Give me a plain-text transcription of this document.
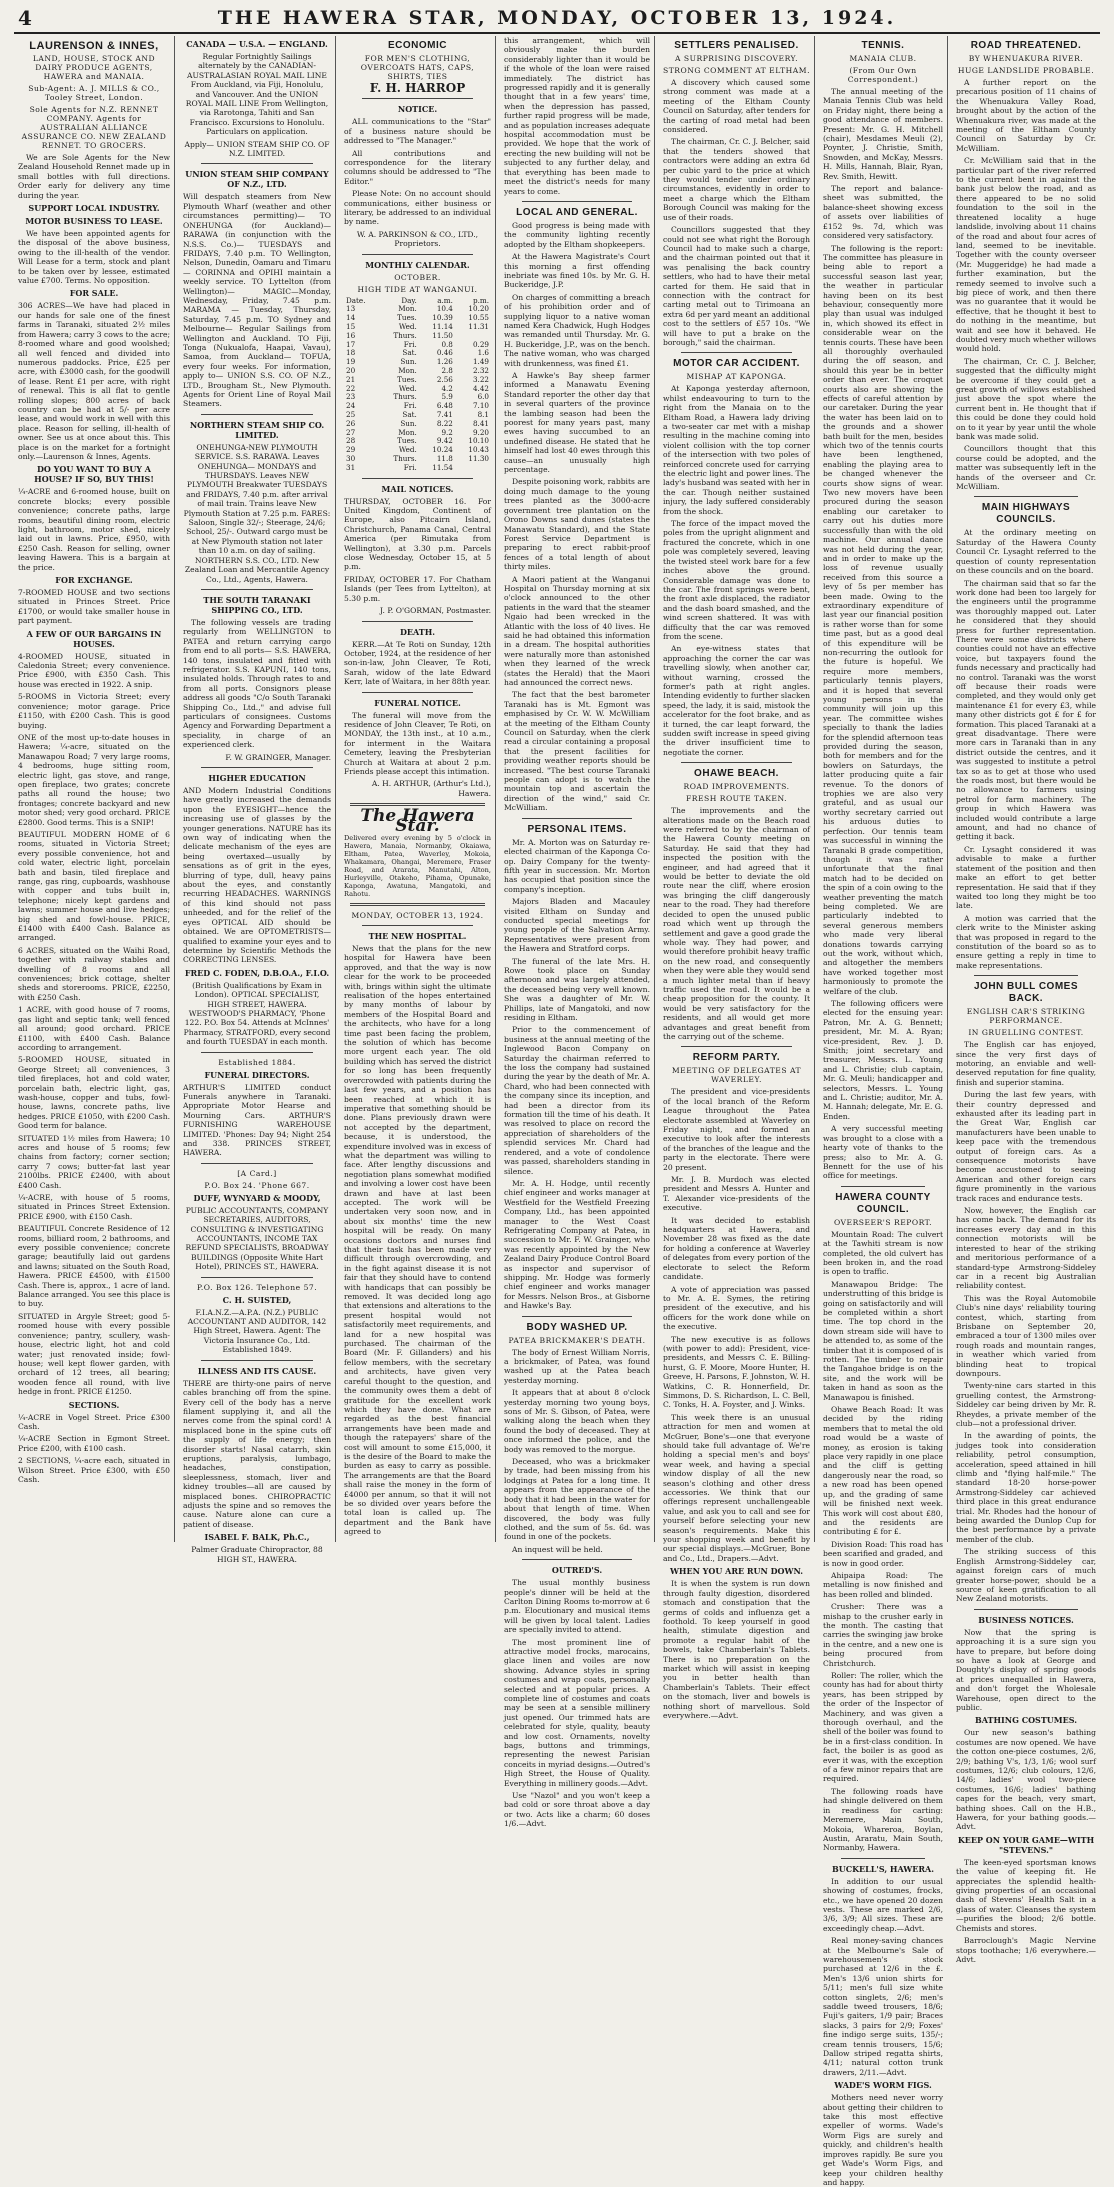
4	THE HAWERA STAR, MONDAY, OCTOBER 13, 1924.
LAURENSON & INNES,
LAND, HOUSE, STOCK AND DAIRY PRODUCE AGENTS, HAWERA and MANAIA.
Sub-Agent: A. J. MILLS & CO., Tooley Street, London.
Sole Agents for N.Z. RENNET COMPANY. Agents for AUSTRALIAN ALLIANCE ASSURANCE CO. NEW ZEALAND RENNET. TO GROCERS.

We are Sole Agents for the New Zealand Household Rennet made up in small bottles with full directions. Order early for delivery any time during the year.

SUPPORT LOCAL INDUSTRY.
MOTOR BUSINESS TO LEASE.

We have been appointed agents for the disposal of the above business, owing to the ill-health of the vendor. Will Lease for a term, stock and plant to be taken over by lessee, estimated value £700. Terms. No opposition.

FOR SALE.

306 ACRES—We have had placed in our hands for sale one of the finest farms in Taranaki, situated 2½ miles from Hawera; carry 3 cows to the acre; 8-roomed whare and good woolshed; all well fenced and divided into numerous paddocks. Price, £25 per acre, with £3000 cash, for the goodwill of lease. Rent £1 per acre, with right of renewal. This is all flat to gentle rolling slopes; 800 acres of back country can be had at 5/- per acre lease, and would work in well with this place. Reason for selling, ill-health of owner. See us at once about this. This place is on the market for a fortnight only.—Laurenson & Innes, Agents.

DO YOU WANT TO BUY A HOUSE? IF SO, BUY THIS!

¼-ACRE and 6-roomed house, built on concrete blocks; every possible convenience; concrete paths, large rooms, beautiful dining room, electric light, bathroom, motor shed, nicely laid out in lawns. Price, £950, with £250 Cash. Reason for selling, owner leaving Hawera. This is a bargain at the price.

FOR EXCHANGE.

7-ROOMED HOUSE and two sections situated in Princes Street. Price £1700, or would take smaller house in part payment.

A FEW OF OUR BARGAINS IN HOUSES.

4-ROOMED HOUSE, situated in Caledonia Street; every convenience. Price £900, with £350 Cash. This house was erected in 1922. A snip.

5-ROOMS in Victoria Street; every convenience; motor garage. Price £1150, with £200 Cash. This is good buying.

ONE of the most up-to-date houses in Hawera; ¼-acre, situated on the Manawapou Road; 7 very large rooms, 4 bedrooms, huge sitting room, electric light, gas stove, and range, open fireplace, two grates; concrete paths all round the house; two frontages; concrete backyard and new motor shed; very good orchard. PRICE £2800. Good terms. This is a SNIP!

BEAUTIFUL MODERN HOME of 6 rooms, situated in Victoria Street; every possible convenience, hot and cold water, electric light, porcelain bath and basin, tiled fireplace and range, gas ring, cupboards, washhouse with copper and tubs built in, telephone; nicely kept gardens and lawns; summer house and live hedges; big shed and fowl-house. PRICE, £1400 with £400 Cash. Balance as arranged.

6 ACRES, situated on the Waihi Road, together with railway stables and dwelling of 8 rooms and all conveniences; brick cottage, shelter sheds and storerooms. PRICE, £2250, with £250 Cash.

1 ACRE, with good house of 7 rooms, gas light and septic tank; well fenced all around; good orchard. PRICE £1100, with £400 Cash. Balance according to arrangement.

5-ROOMED HOUSE, situated in George Street; all conveniences, 3 tiled fireplaces, hot and cold water, porcelain bath, electric light, gas, wash-house, copper and tubs, fowl-house, lawns, concrete paths, live hedges. PRICE £1050, with £200 Cash. Good term for balance.

SITUATED 1½ miles from Hawera; 10 acres and house of 5 rooms; few chains from factory; corner section; carry 7 cows; butter-fat last year 2100lbs. PRICE £2400, with about £400 Cash.

¼-ACRE, with house of 5 rooms, situated in Princes Street Extension. PRICE £900, with £150 Cash.

BEAUTIFUL Concrete Residence of 12 rooms, billiard room, 2 bathrooms, and every possible convenience; concrete garage; beautifully laid out gardens and lawns; situated on the South Road, Hawera. PRICE £4500, with £1500 Cash. There is, approx., 1 acre of land. Balance arranged. You see this place is to buy.

SITUATED in Argyle Street; good 5-roomed house with every possible convenience; pantry, scullery, wash-house, electric light, hot and cold water; just renovated inside; fowl-house; well kept flower garden, with orchard of 12 trees, all bearing; wooden fence all round, with live hedge in front. PRICE £1250.

SECTIONS.

¼-ACRE in Vogel Street. Price £300 Cash.

¼-ACRE Section in Egmont Street. Price £200, with £100 cash.

2 SECTIONS, ¼-acre each, situated in Wilson Street. Price £300, with £50 Cash.

CANADA — U.S.A. — ENGLAND.

Regular Fortnightly Sailings alternately by the CANADIAN-AUSTRALASIAN ROYAL MAIL LINE From Auckland, via Fiji, Honolulu, and Vancouver. And the UNION ROYAL MAIL LINE From Wellington, via Rarotonga, Tahiti and San Francisco. Excursions to Honolulu. Particulars on application.

Apply— UNION STEAM SHIP CO. OF N.Z. LIMITED.

UNION STEAM SHIP COMPANY OF N.Z., LTD.

Will despatch steamers from New Plymouth Wharf (weather and other circumstances permitting)— TO ONEHUNGA (for Auckland)— RARAWA (in conjunction with the N.S.S. Co.)— TUESDAYS and FRIDAYS, 7.40 p.m. TO Wellington, Nelson, Dunedin, Oamaru and Timaru— CORINNA and OPIHI maintain a weekly service. TO Lyttelton (from Wellington)— MAGIC—Monday, Wednesday, Friday, 7.45 p.m. MARAMA — Tuesday, Thursday, Saturday, 7.45 p.m. TO Sydney and Melbourne— Regular Sailings from Wellington and Auckland. TO Fiji, Tonga (Nukualofa, Haapai, Vavau), Samoa, from Auckland— TOFUA, every four weeks. For information, apply to— UNION S.S. CO. OF N.Z., LTD., Brougham St., New Plymouth. Agents for Orient Line of Royal Mail Steamers.

NORTHERN STEAM SHIP CO. LIMITED.

ONEHUNGA-NEW PLYMOUTH SERVICE. S.S. RARAWA. Leaves ONEHUNGA— MONDAYS and THURSDAYS. Leaves NEW PLYMOUTH Breakwater TUESDAYS and FRIDAYS, 7.40 p.m. after arrival of mail train. Trains leave New Plymouth Station at 7.25 p.m. FARES: Saloon, Single 32/-; Steerage, 24/6; School, 25/-. Outward cargo must be at New Plymouth station not later than 10 a.m. on day of sailing. NORTHERN S.S. CO., LTD. New Zealand Loan and Mercantile Agency Co., Ltd., Agents, Hawera.

THE SOUTH TARANAKI SHIPPING CO., LTD.

The following vessels are trading regularly from WELLINGTON to PATEA and return carrying cargo from end to all ports— S.S. HAWERA, 140 tons, insulated and fitted with refrigerator. S.S. KAPUNI, 140 tons, insulated holds. Through rates to and from all ports. Consignors please address all goods "C/o South Taranaki Shipping Co., Ltd.," and advise full particulars of consignees. Customs Agency and Forwarding Department a speciality, in charge of an experienced clerk.

F. W. GRAINGER, Manager.

HIGHER EDUCATION

AND Modern Industrial Conditions have greatly increased the demands upon the EYESIGHT—hence the increasing use of glasses by the younger generations. NATURE has its own way of indicating when the delicate mechanism of the eyes are being overtaxed—usually by sensations as of grit in the eyes, blurring of type, dull, heavy pains about the eyes, and constantly recurring HEADACHES. WARNINGS of this kind should not pass unheeded, and for the relief of the eyes OPTICAL AID should be obtained. We are OPTOMETRISTS—qualified to examine your eyes and to determine by Scientific Methods the CORRECTING LENSES.

FRED C. FODEN, D.B.O.A., F.I.O.

(British Qualifications by Exam in London). OPTICAL SPECIALIST, HIGH STREET, HAWERA. WESTWOOD'S PHARMACY, 'Phone 122. P.O. Box 54. Attends at McInnes' Pharmacy, STRATFORD, every second and fourth TUESDAY in each month.

Established 1884.
FUNERAL DIRECTORS.

ARTHUR'S LIMITED conduct Funerals anywhere in Taranaki. Appropriate Motor Hearse and Mourning Cars. ARTHUR'S FURNISHING WAREHOUSE LIMITED. 'Phones: Day 94; Night 254 and 338. PRINCES STREET, HAWERA.

[A Card.]
P.O. Box 24. 'Phone 667.
DUFF, WYNYARD & MOODY,

PUBLIC ACCOUNTANTS, COMPANY SECRETARIES, AUDITORS, CONSULTING & INVESTIGATING ACCOUNTANTS, INCOME TAX REFUND SPECIALISTS, BROADWAY BUILDINGS (Opposite White Hart Hotel), PRINCES ST., HAWERA.

P.O. Box 126. Telephone 57.
C. H. SUISTED,

F.I.A.N.Z.—A.P.A. (N.Z.) PUBLIC ACCOUNTANT AND AUDITOR, 142 High Street, Hawera. Agent: The Victoria Insurance Co., Ltd. Established 1849.

ILLNESS AND ITS CAUSE.

THERE are thirty-one pairs of nerve cables branching off from the spine. Every cell of the body has a nerve filament supplying it, and all the nerves come from the spinal cord! A misplaced bone in the spine cuts off the supply of life energy; then disorder starts! Nasal catarrh, skin eruptions, paralysis, lumbago, headaches, constipation, sleeplessness, stomach, liver and kidney troubles—all are caused by misplaced bones. CHIROPRACTIC adjusts the spine and so removes the cause. Nature alone can cure a patient of disease.

ISABEL F. BALK, Ph.C.,

Palmer Graduate Chiropractor, 88 HIGH ST., HAWERA.

ECONOMIC
FOR MEN'S CLOTHING, OVERCOATS HATS, CAPS, SHIRTS, TIES
F. H. HARROP
NOTICE.

ALL communications to the "Star" of a business nature should be addressed to "The Manager."

All contributions and correspondence for the literary columns should be addressed to "The Editor."

Please Note: On no account should communications, either business or literary, be addressed to an individual by name.

W. A. PARKINSON & CO., LTD., Proprietors.

MONTHLY CALENDAR.
OCTOBER.
HIGH TIDE AT WANGANUI.
Date.	Day.	a.m.	p.m.
13	Mon.	10.4	10.20
14	Tues.	10.39	10.55
15	Wed.	11.14	11.31
16	Thurs.	11.50	
17	Fri.	0.8	0.29
18	Sat.	0.46	1.6
19	Sun.	1.26	1.49
20	Mon.	2.8	2.32
21	Tues.	2.56	3.22
22	Wed.	4.2	4.42
23	Thurs.	5.9	6.0
24	Fri.	6.48	7.10
25	Sat.	7.41	8.1
26	Sun.	8.22	8.41
27	Mon.	9.2	9.20
28	Tues.	9.42	10.10
29	Wed.	10.24	10.43
30	Thurs.	11.8	11.30
31	Fri.	11.54	
MAIL NOTICES.

THURSDAY, OCTOBER 16. For United Kingdom, Continent of Europe, also Pitcairn Island, Christchurch, Panama Canal, Central America (per Rimutaka from Wellington), at 3.30 p.m. Parcels close Wednesday, October 15, at 5 p.m.

FRIDAY, OCTOBER 17. For Chatham Islands (per Tees from Lyttelton), at 5.30 p.m.

J. P. O'GORMAN, Postmaster.

DEATH.

KERR.—At Te Roti on Sunday, 12th October, 1924, at the residence of her son-in-law, John Cleaver, Te Roti, Sarah, widow of the late Edward Kerr, late of Waitara, in her 88th year.

FUNERAL NOTICE.

The funeral will move from the residence of John Cleaver, Te Roti, on MONDAY, the 13th inst., at 10 a.m., for interment in the Waitara Cemetery, leaving the Presbyterian Church at Waitara at about 2 p.m. Friends please accept this intimation.

A. H. ARTHUR, (Arthur's Ltd.), Hawera.

The Hawera Star.

Delivered every evening by 5 o'clock in Hawera, Manaia, Normanby, Okaiawa, Eltham, Patea, Waverley, Mokoia, Whakamara, Ohangai, Meremere, Fraser Road, and Ararata, Manutahi, Alton, Hurleyville, Otakeho, Pihama, Opunake, Kaponga, Awatuna, Mangatoki, and Rahotu.

MONDAY, OCTOBER 13, 1924.
THE NEW HOSPITAL.

News that the plans for the new hospital for Hawera have been approved, and that the way is now clear for the work to be proceeded with, brings within sight the ultimate realisation of the hopes entertained by many months of labour by members of the Hospital Board and the architects, who have for a long time past been facing the problem, the solution of which has become more urgent each year. The old building which has served the district for so long has been frequently overcrowded with patients during the last few years, and a position has been reached at which it is imperative that something should be done. Plans previously drawn were not accepted by the department, because, it is understood, the expenditure involved was in excess of what the department was willing to face. After lengthy discussions and negotiation plans somewhat modified and involving a lower cost have been drawn and have at last been accepted. The work will be undertaken very soon now, and in about six months' time the new hospital will be ready. On many occasions doctors and nurses find that their task has been made very difficult through overcrowding, and in the fight against disease it is not fair that they should have to contend with handicaps that can possibly be removed. It was decided long ago that extensions and alterations to the present hospital would not satisfactorily meet requirements, and land for a new hospital was purchased. The chairman of the Board (Mr. F. Gillanders) and his fellow members, with the secretary and architects, have given very careful thought to the question, and the community owes them a debt of gratitude for the excellent work which they have done. What are regarded as the best financial arrangements have been made and though the ratepayers' share of the cost will amount to some £15,000, it is the desire of the Board to make the burden as easy to carry as possible. The arrangements are that the Board shall raise the money in the form of £4000 per annum, so that it will not be so divided over years before the total loan is called up. The department and the Bank have agreed to

this arrangement, which will obviously make the burden considerably lighter than it would be if the whole of the loan were raised immediately. The district has progressed rapidly and it is generally thought that in a few years' time, when the depression has passed, further rapid progress will be made, and as population increases adequate hospital accommodation must be provided. We hope that the work of erecting the new building will not be subjected to any further delay, and that everything has been made to meet the district's needs for many years to come.

LOCAL AND GENERAL.

Good progress is being made with the community lighting recently adopted by the Eltham shopkeepers.

At the Hawera Magistrate's Court this morning a first offending inebriate was fined 10s. by Mr. G. H. Buckeridge, J.P.

On charges of committing a breach of his prohibition order and of supplying liquor to a native woman named Kera Chadwick, Hugh Hodges was remanded until Thursday. Mr. G. H. Buckeridge, J.P., was on the bench. The native woman, who was charged with drunkenness, was fined £1.

A Hawke's Bay sheep farmer informed a Manawatu Evening Standard reporter the other day that in several quarters of the province the lambing season had been the poorest for many years past, many ewes having succumbed to an undefined disease. He stated that he himself had lost 40 ewes through this cause—an unusually high percentage.

Despite poisoning work, rabbits are doing much damage to the young trees planted as the 3000-acre government tree plantation on the Orono Downs sand dunes (states the Manawatu Standard), and the State Forest Service Department is preparing to erect rabbit-proof fences of a total length of about thirty miles.

A Maori patient at the Wanganui Hospital on Thursday morning at six o'clock announced to the other patients in the ward that the steamer Ngaio had been wrecked in the Atlantic with the loss of 40 lives. He said he had obtained this information in a dream. The hospital authorities were naturally more than astonished when they learned of the wreck (states the Herald) that the Maori had announced the correct news.

The fact that the best barometer Taranaki has is Mt. Egmont was emphasised by Cr. W. W. McWilliam at the meeting of the Eltham County Council on Saturday, when the clerk read a circular containing a proposal that the present facilities for providing weather reports should be increased. "The best course Taranaki people can adopt is to watch the mountain top and ascertain the direction of the wind," said Cr. McWilliam.

PERSONAL ITEMS.

Mr. A. Morton was on Saturday re-elected chairman of the Kaponga Co-op. Dairy Company for the twenty-fifth year in succession. Mr. Morton has occupied that position since the company's inception.

Majors Bladen and Macauley visited Eltham on Sunday and conducted special meetings for young people of the Salvation Army. Representatives were present from the Hawera and Stratford corps.

The funeral of the late Mrs. H. Rowe took place on Sunday afternoon and was largely attended, the deceased being very well known. She was a daughter of Mr. W. Phillips, late of Mangatoki, and now residing in Eltham.

Prior to the commencement of business at the annual meeting of the Inglewood Bacon Company on Saturday the chairman referred to the loss the company had sustained during the year by the death of Mr. A. Chard, who had been connected with the company since its inception, and had been a director from its formation till the time of his death. It was resolved to place on record the appreciation of shareholders of the splendid services Mr. Chard had rendered, and a vote of condolence was passed, shareholders standing in silence.

Mr. A. H. Hodge, until recently chief engineer and works manager at Westfield for the Westfield Freezing Company, Ltd., has been appointed manager to the West Coast Refrigerating Company at Patea, in succession to Mr. F. W. Grainger, who was recently appointed by the New Zealand Dairy Produce Control Board as inspector and supervisor of shipping. Mr. Hodge was formerly chief engineer and works manager for Messrs. Nelson Bros., at Gisborne and Hawke's Bay.

BODY WASHED UP.
PATEA BRICKMAKER'S DEATH.

The body of Ernest William Norris, a brickmaker, of Patea, was found washed up at the Patea beach yesterday morning.

It appears that at about 8 o'clock yesterday morning two young boys, sons of Mr. S. Gibson, of Patea, were walking along the beach when they found the body of deceased. They at once informed the police, and the body was removed to the morgue.

Deceased, who was a brickmaker by trade, had been missing from his lodgings at Patea for a long time. It appears from the appearance of the body that it had been in the water for about that length of time. When discovered, the body was fully clothed, and the sum of 5s. 6d. was found in one of the pockets.

An inquest will be held.

OUTRED'S.

The usual monthly business people's dinner will be held at the Carlton Dining Rooms to-morrow at 6 p.m. Elocutionary and musical items will be given by local talent. Ladies are specially invited to attend.

The most prominent line of attractive model frocks, marocains, glace linen and voiles are now showing. Advance styles in spring costumes and wrap coats, personally selected and at popular prices. A complete line of costumes and coats may be seen at a sensible millinery just opened. Our trimmed hats are celebrated for style, quality, beauty and low cost. Ornaments, novelty bags, buttons and trimmings, representing the newest Parisian conceits in myriad designs.—Outred's High Street, the House of Quality. Everything in millinery goods.—Advt.

Use "Nazol" and you won't keep a bad cold or sore throat above a day or two. Acts like a charm; 60 doses 1/6.—Advt.

SETTLERS PENALISED.
A SURPRISING DISCOVERY.
STRONG COMMENT AT ELTHAM.

A discovery which caused some strong comment was made at a meeting of the Eltham County Council on Saturday, after tenders for the carting of road metal had been considered.

The chairman, Cr. C. J. Belcher, said that the tenders showed that contractors were adding an extra 6d per cubic yard to the price at which they would tender under ordinary circumstances, evidently in order to meet a charge which the Eltham Borough Council was making for the use of their roads.

Councillors suggested that they could not see what right the Borough Council had to make such a charge, and the chairman pointed out that it was penalising the back country settlers, who had to have their metal carted for them. He said that in connection with the contract for carting metal out to Tirimoana an extra 6d per yard meant an additional cost to the settlers of £57 10s. "We will have to put a brake on the borough," said the chairman.

MOTOR CAR ACCIDENT.
MISHAP AT KAPONGA.

At Kaponga yesterday afternoon, whilst endeavouring to turn to the right from the Manaia on to the Eltham Road, a Hawera lady driving a two-seater car met with a mishap resulting in the machine coming into violent collision with the top corner of the intersection with two poles of reinforced concrete used for carrying the electric light and power lines. The lady's husband was seated with her in the car. Though neither sustained injury, the lady suffered considerably from the shock.

The force of the impact moved the poles from the upright alignment and fractured the concrete, which in one pole was completely severed, leaving the twisted steel work bare for a few inches above the ground. Considerable damage was done to the car. The front springs were bent, the front axle displaced, the radiator and the dash board smashed, and the wind screen shattered. It was with difficulty that the car was removed from the scene.

An eye-witness states that approaching the corner the car was travelling slowly, when another car, without warning, crossed the former's path at right angles. Intending evidently to further slacken speed, the lady, it is said, mistook the accelerator for the foot brake, and as it turned, the car leapt forward, the sudden swift increase in speed giving the driver insufficient time to negotiate the corner.

OHAWE BEACH.
ROAD IMPROVEMENTS.
FRESH ROUTE TAKEN.

The improvements and the alterations made on the Beach road were referred to by the chairman of the Hawera County meeting on Saturday. He said that they had inspected the position with the engineer, and had agreed that it would be better to deviate the old route near the cliff, where erosion was bringing the cliff dangerously near to the road. They had therefore decided to open the unused public road which went up through the settlement and gave a good grade the whole way. They had power, and would therefore prohibit heavy traffic on the new road, and consequently when they were able they would send a much lighter metal than if heavy traffic used the road. It would be a cheap proposition for the county. It would be very satisfactory for the residents, and all would get more advantages and great benefit from the carrying out of the scheme.

REFORM PARTY.
MEETING OF DELEGATES AT WAVERLEY.

The president and vice-presidents of the local branch of the Reform League throughout the Patea electorate assembled at Waverley on Friday night, and formed an executive to look after the interests of the branches of the league and the party in the electorate. There were 20 present.

Mr. J. B. Murdoch was elected president and Messrs A. Hunter and T. Alexander vice-presidents of the executive.

It was decided to establish headquarters at Hawera, and November 28 was fixed as the date for holding a conference at Waverley of delegates from every portion of the electorate to select the Reform candidate.

A vote of appreciation was passed to Mr. A. E. Symes, the retiring president of the executive, and his officers for the work done while on the executive.

The new executive is as follows (with power to add): President, vice-presidents, and Messrs C. E. Billing-hurst, G. F. Moore, Moore Hunter, H. Greeve, H. Parsons, F. Johnston, W. H. Watkins, C. R. Honnerfield, Dr. Simmons, D. S. Richardson, L. C. Bell, C. Tonks, H. A. Foyster, and J. Winks.

This week there is an unusual attraction for men and women at McGruer, Bone's—one that everyone should take full advantage of. We're holding a special men's and boys' wear week, and having a special window display of all the new season's clothing and other dress accessories. We think that our offerings represent unchallengeable value, and ask you to call and see for yourself before selecting your new season's requirements. Make this your shopping week and benefit by our special displays.—McGruer, Bone and Co., Ltd., Drapers.—Advt.

WHEN YOU ARE RUN DOWN.

It is when the system is run down through faulty digestion, disordered stomach and constipation that the germs of colds and influenza get a foothold. To keep yourself in good health, stimulate digestion and promote a regular habit of the bowels, take Chamberlain's Tablets. There is no preparation on the market which will assist in keeping you in better health than Chamberlain's Tablets. Their effect on the stomach, liver and bowels is nothing short of marvellous. Sold everywhere.—Advt.

TENNIS.
MANAIA CLUB.
(From Our Own Correspondent.)

The annual meeting of the Manaia Tennis Club was held on Friday night, there being a good attendance of members. Present: Mr. G. H. Mitchell (chair), Mesdames Meuli (2), Poynter, J. Christie, Smith, Snowden, and McKay, Messrs. H. Mills, Hannah, Blair, Ryan, Rev. Smith, Hewitt.

The report and balance-sheet was submitted, the balance-sheet showing excess of assets over liabilities of £152 9s. 7d, which was considered very satisfactory.

The following is the report: The committee has pleasure in being able to report a successful season last year, the weather in particular having been on its best behaviour, consequently more play than usual was indulged in, which showed its effect in considerable wear on the tennis courts. These have been all thoroughly overhauled during the off season, and should this year be in better order than ever. The croquet courts also are showing the effects of careful attention by our caretaker. During the year the water has been laid on to the grounds and a shower bath built for the men, besides which two of the tennis courts have been lengthened, enabling the playing area to be changed whenever the courts show signs of wear. Two new movers have been procured during the season enabling our caretaker to carry out his duties more successfully than with the old machine. Our annual dance was not held during the year, and in order to make up the loss of revenue usually received from this source a levy of 5s per member has been made. Owing to the extraordinary expenditure of last year our financial position is rather worse than for some time past, but as a good deal of this expenditure will be non-recurring the outlook for the future is hopeful. We require more members, particularly tennis players, and it is hoped that several young persons in the community will join up this year. The committee wishes specially to thank the ladies for the splendid afternoon teas provided during the season, both for members and for the bowlers on Saturdays, the latter producing quite a fair revenue. To the donors of trophies we are also very grateful, and as usual our worthy secretary carried out his arduous duties to perfection. Our tennis team was successful in winning the Taranaki B grade competition, though it was rather unfortunate that the final match had to be decided on the spin of a coin owing to the weather preventing the match being completed. We are particularly indebted to several generous members who made very liberal donations towards carrying out the work, without which, and altogether the members have worked together most harmoniously to promote the welfare of the club.

The following officers were elected for the ensuing year: Patron, Mr. A. G. Bennett; president, Mr. M. A. Ryan; vice-president, Rev. J. D. Smith; joint secretary and treasurer, Messrs. L. Young and L. Christie; club captain, Mr. G. Meuli; handicapper and selectors, Messrs. L. Young and L. Christie; auditor, Mr. A. M. Hannah; delegate, Mr. E. G. Enden.

A very successful meeting was brought to a close with a hearty vote of thanks to the press; also to Mr. A. G. Bennett for the use of his office for meetings.

HAWERA COUNTY COUNCIL.
OVERSEER'S REPORT.

Mountain Road: The culvert at the Tawhiti stream is now completed, the old culvert has been broken in, and the road is open to traffic.

Manawapou Bridge: The understrutting of this bridge is going on satisfactorily and will be completed within a short time. The top chord in the down stream side will have to be attended to, as some of the timber that it is composed of is rotten. The timber to repair the Tangahoe bridge is on the site, and the work will be taken in hand as soon as the Manawapou is finished.

Ohawe Beach Road: It was decided by the riding members that to metal the old road would be a waste of money, as erosion is taking place very rapidly in one place and the cliff is getting dangerously near the road, so a new road has been opened up, and the grading of same will be finished next week. This work will cost about £80, and the residents are contributing £ for £.

Division Road: This road has been scarified and graded, and is now in good order.

Ahipaipa Road: The metalling is now finished and has been rolled and blinded.

Crusher: There was a mishap to the crusher early in the month. The casting that carries the swinging jaw broke in the centre, and a new one is being procured from Christchurch.

Roller: The roller, which the county has had for about thirty years, has been stripped by the order of the Inspector of Machinery, and was given a thorough overhaul, and the shell of the boiler was found to be in a first-class condition. In fact, the boiler is as good as ever it was, with the exception of a few minor repairs that are required.

The following roads have had shingle delivered on them in readiness for carting: Meremere, Main South, Mokoia, Whareroa, Boylan, Austin, Araratu, Main South, Normanby, Hawera.

BUCKELL'S, HAWERA.

In addition to our usual showing of costumes, frocks, etc., we have opened 20 dozen vests. These are marked 2/6, 3/6, 3/9; All sizes. These are exceedingly cheap.—Advt.

Real money-saving chances at the Melbourne's Sale of warehousemen's stock purchased at 12/6 in the £. Men's 13/6 union shirts for 5/11; men's full size white cotton singlets, 2/6; men's saddle tweed trousers, 18/6; Fuji's gaiters, 1/9 pair; Braces slacks, 3 pairs for 2/9; Foxes' fine indigo serge suits, 135/-; cream tennis trousers, 15/6; Dallow striped regatta shirts, 4/11; natural cotton trunk drawers, 2/11.—Advt.

WADE'S WORM FIGS.

Mothers need never worry about getting their children to take this most effective expeller of worms. Wade's Worm Figs are surely and quickly, and children's health improves rapidly. Be sure you get Wade's Worm Figs, and keep your children healthy and happy.

ROAD THREATENED.
BY WHENUAKURA RIVER.
HUGE LANDSLIDE PROBABLE.

A further report on the precarious position of 11 chains of the Whenuakura Valley Road, brought about by the action of the Whenuakura river, was made at the meeting of the Eltham County Council on Saturday by Cr. McWilliam.

Cr. McWilliam said that in the particular part of the river referred to the current bent in against the bank just below the road, and as there appeared to be no solid foundation to the soil in the threatened locality a huge landslide, involving about 11 chains of the road and about four acres of land, seemed to be inevitable. Together with the county overseer (Mr. Muggeridge) he had made a further examination, but the remedy seemed to involve such a big piece of work, and then there was no guarantee that it would be effective, that he thought it best to do nothing in the meantime, but wait and see how it behaved. He doubted very much whether willows would hold.

The chairman, Cr. C. J. Belcher, suggested that the difficulty might be overcome if they could get a great growth of willows established just above the spot where the current bent in. He thought that if this could be done they could hold on to it year by year until the whole bank was made solid.

Councillors thought that this course could be adopted, and the matter was subsequently left in the hands of the overseer and Cr. McWilliam.

MAIN HIGHWAYS COUNCILS.

At the ordinary meeting on Saturday of the Hawera County Council Cr. Lysaght referred to the question of county representation on these councils and on the board.

The chairman said that so far the work done had been too largely for the engineers until the programme was thoroughly mapped out. Later he considered that they should press for further representation. There were some districts where counties could not have an effective voice, but taxpayers found the funds necessary and practically had no control. Taranaki was the worst off because their roads were completed, and they would only get maintenance £1 for every £3, while many other districts got £ for £ for formation. This placed Taranaki at a great disadvantage. There were more cars in Taranaki than in any district outside the centres, and it was suggested to institute a petrol tax so as to get at those who used the roads most, but there would be no allowance to farmers using petrol for farm machinery. The group in which Hawera was included would contribute a large amount, and had no chance of getting it back.

Cr. Lysaght considered it was advisable to make a further statement of the position and then make an effort to get better representation. He said that if they waited too long they might be too late.

A motion was carried that the clerk write to the Minister asking that was proposed in regard to the constitution of the board so as to ensure getting a reply in time to make representations.

JOHN BULL COMES BACK.
ENGLISH CAR'S STRIKING PERFORMANCE.
IN GRUELLING CONTEST.

The English car has enjoyed, since the very first days of motoring, an enviable and well-deserved reputation for fine quality, finish and superior stamina.

During the last few years, with their country depressed and exhausted after its leading part in the Great War, English car manufacturers have been unable to keep pace with the tremendous output of foreign cars. As a consequence motorists have become accustomed to seeing American and other foreign cars figure prominently in the various track races and endurance tests.

Now, however, the English car has come back. The demand for its increases every day and in this connection motorists will be interested to hear of the striking and meritorious performance of a standard-type Armstrong-Siddeley car in a recent big Australian reliability contest.

This was the Royal Automobile Club's nine days' reliability touring contest, which, starting from Brisbane on September 20, embraced a tour of 1300 miles over rough roads and mountain ranges, in weather which varied from blinding heat to tropical downpours.

Twenty-nine cars started in this gruelling contest, the Armstrong-Siddeley car being driven by Mr. R. Rheydes, a private member of the club—not a professional driver.

In the awarding of points, the judges took into consideration reliability, petrol consumption, acceleration, speed attained in hill climb and "flying half-mile." The standard 18-20 horse-power Armstrong-Siddeley car achieved third place in this great endurance trial. Mr. Rhodes had the honour of being awarded the Dunlop Cup for the best performance by a private member of the club.

The striking success of this English Armstrong-Siddeley car, against foreign cars of much greater horse-power, should be a source of keen gratification to all New Zealand motorists.

BUSINESS NOTICES.

Now that the spring is approaching it is a sure sign you have to prepare, but before doing so have a look at George and Doughty's display of spring goods at prices unequalled in Hawera, and don't forget the Wholesale Warehouse, open direct to the public.

BATHING COSTUMES.

Our new season's bathing costumes are now opened. We have the cotton one-piece costumes, 2/6, 2/9; bathing V's, 1/3, 1/6; wool surf costumes, 12/6; club colours, 12/6, 14/6; ladies' wool two-piece costumes, 16/6; ladies' bathing capes for the beach, very smart, bathing shoes. Call on the H.B., Hawera, for your bathing goods.—Advt.

KEEP ON YOUR GAME—WITH "STEVENS."

The keen-eyed sportsman knows the value of keeping fit. He appreciates the splendid health-giving properties of an occasional dash of Stevens' Health Salt in a glass of water. Cleanses the system—purifies the blood; 2/6 bottle. Chemists and stores.

Barroclough's Magic Nervine stops toothache; 1/6 everywhere.—Advt.
